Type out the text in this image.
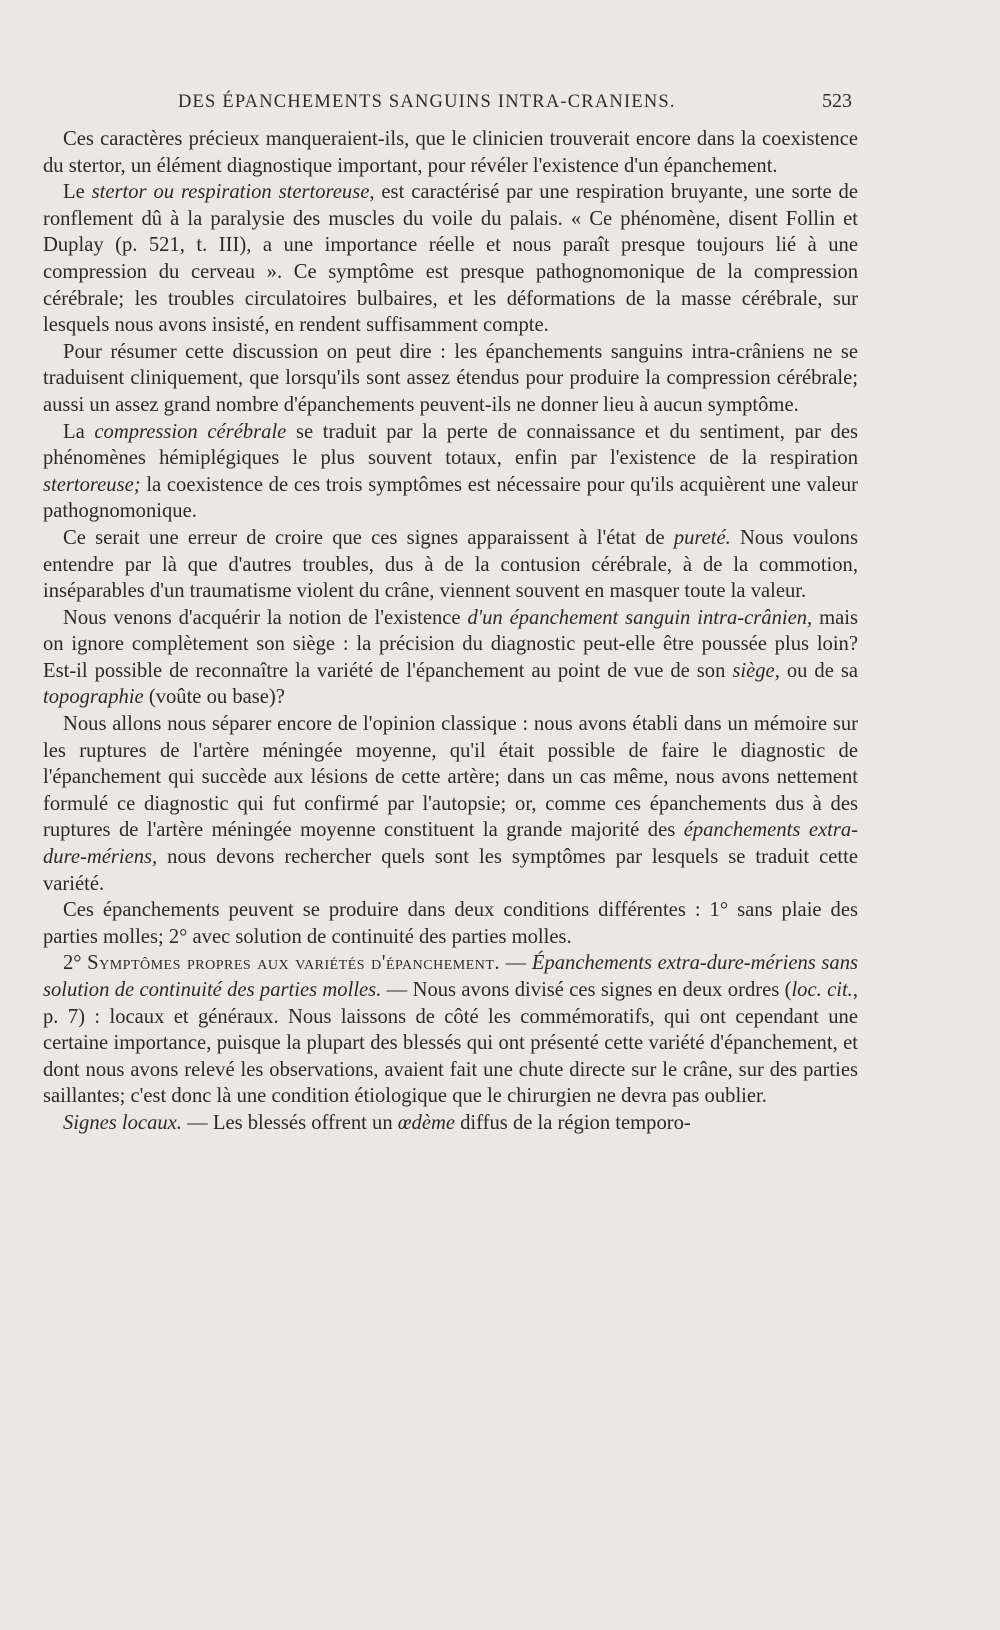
DES ÉPANCHEMENTS SANGUINS INTRA-CRANIENS.	523

Ces caractères précieux manqueraient-ils, que le clinicien trouverait encore dans la coexistence du stertor, un élément diagnostique important, pour révéler l'existence d'un épanchement.

Le stertor ou respiration stertoreuse, est caractérisé par une respiration bruyante, une sorte de ronflement dû à la paralysie des muscles du voile du palais. « Ce phénomène, disent Follin et Duplay (p. 521, t. III), a une importance réelle et nous paraît presque toujours lié à une compression du cerveau ». Ce symptôme est presque pathognomonique de la compression cérébrale; les troubles circulatoires bulbaires, et les déformations de la masse cérébrale, sur lesquels nous avons insisté, en rendent suffisamment compte.

Pour résumer cette discussion on peut dire : les épanchements sanguins intra-crâniens ne se traduisent cliniquement, que lorsqu'ils sont assez étendus pour produire la compression cérébrale; aussi un assez grand nombre d'épanchements peuvent-ils ne donner lieu à aucun symptôme.

La compression cérébrale se traduit par la perte de connaissance et du sentiment, par des phénomènes hémiplégiques le plus souvent totaux, enfin par l'existence de la respiration stertoreuse; la coexistence de ces trois symptômes est nécessaire pour qu'ils acquièrent une valeur pathognomonique.

Ce serait une erreur de croire que ces signes apparaissent à l'état de pureté. Nous voulons entendre par là que d'autres troubles, dus à de la contusion cérébrale, à de la commotion, inséparables d'un traumatisme violent du crâne, viennent souvent en masquer toute la valeur.

Nous venons d'acquérir la notion de l'existence d'un épanchement sanguin intra-crânien, mais on ignore complètement son siège : la précision du diagnostic peut-elle être poussée plus loin? Est-il possible de reconnaître la variété de l'épanchement au point de vue de son siège, ou de sa topographie (voûte ou base)?

Nous allons nous séparer encore de l'opinion classique : nous avons établi dans un mémoire sur les ruptures de l'artère méningée moyenne, qu'il était possible de faire le diagnostic de l'épanchement qui succède aux lésions de cette artère; dans un cas même, nous avons nettement formulé ce diagnostic qui fut confirmé par l'autopsie; or, comme ces épanchements dus à des ruptures de l'artère méningée moyenne constituent la grande majorité des épanchements extra-dure-mériens, nous devons rechercher quels sont les symptômes par lesquels se traduit cette variété.

Ces épanchements peuvent se produire dans deux conditions différentes : 1° sans plaie des parties molles; 2° avec solution de continuité des parties molles.

2° Symptômes propres aux variétés d'épanchement. — Épanchements extra-dure-mériens sans solution de continuité des parties molles. — Nous avons divisé ces signes en deux ordres (loc. cit., p. 7) : locaux et généraux. Nous laissons de côté les commémoratifs, qui ont cependant une certaine importance, puisque la plupart des blessés qui ont présenté cette variété d'épanchement, et dont nous avons relevé les observations, avaient fait une chute directe sur le crâne, sur des parties saillantes; c'est donc là une condition étiologique que le chirurgien ne devra pas oublier.

Signes locaux. — Les blessés offrent un œdème diffus de la région temporo-
